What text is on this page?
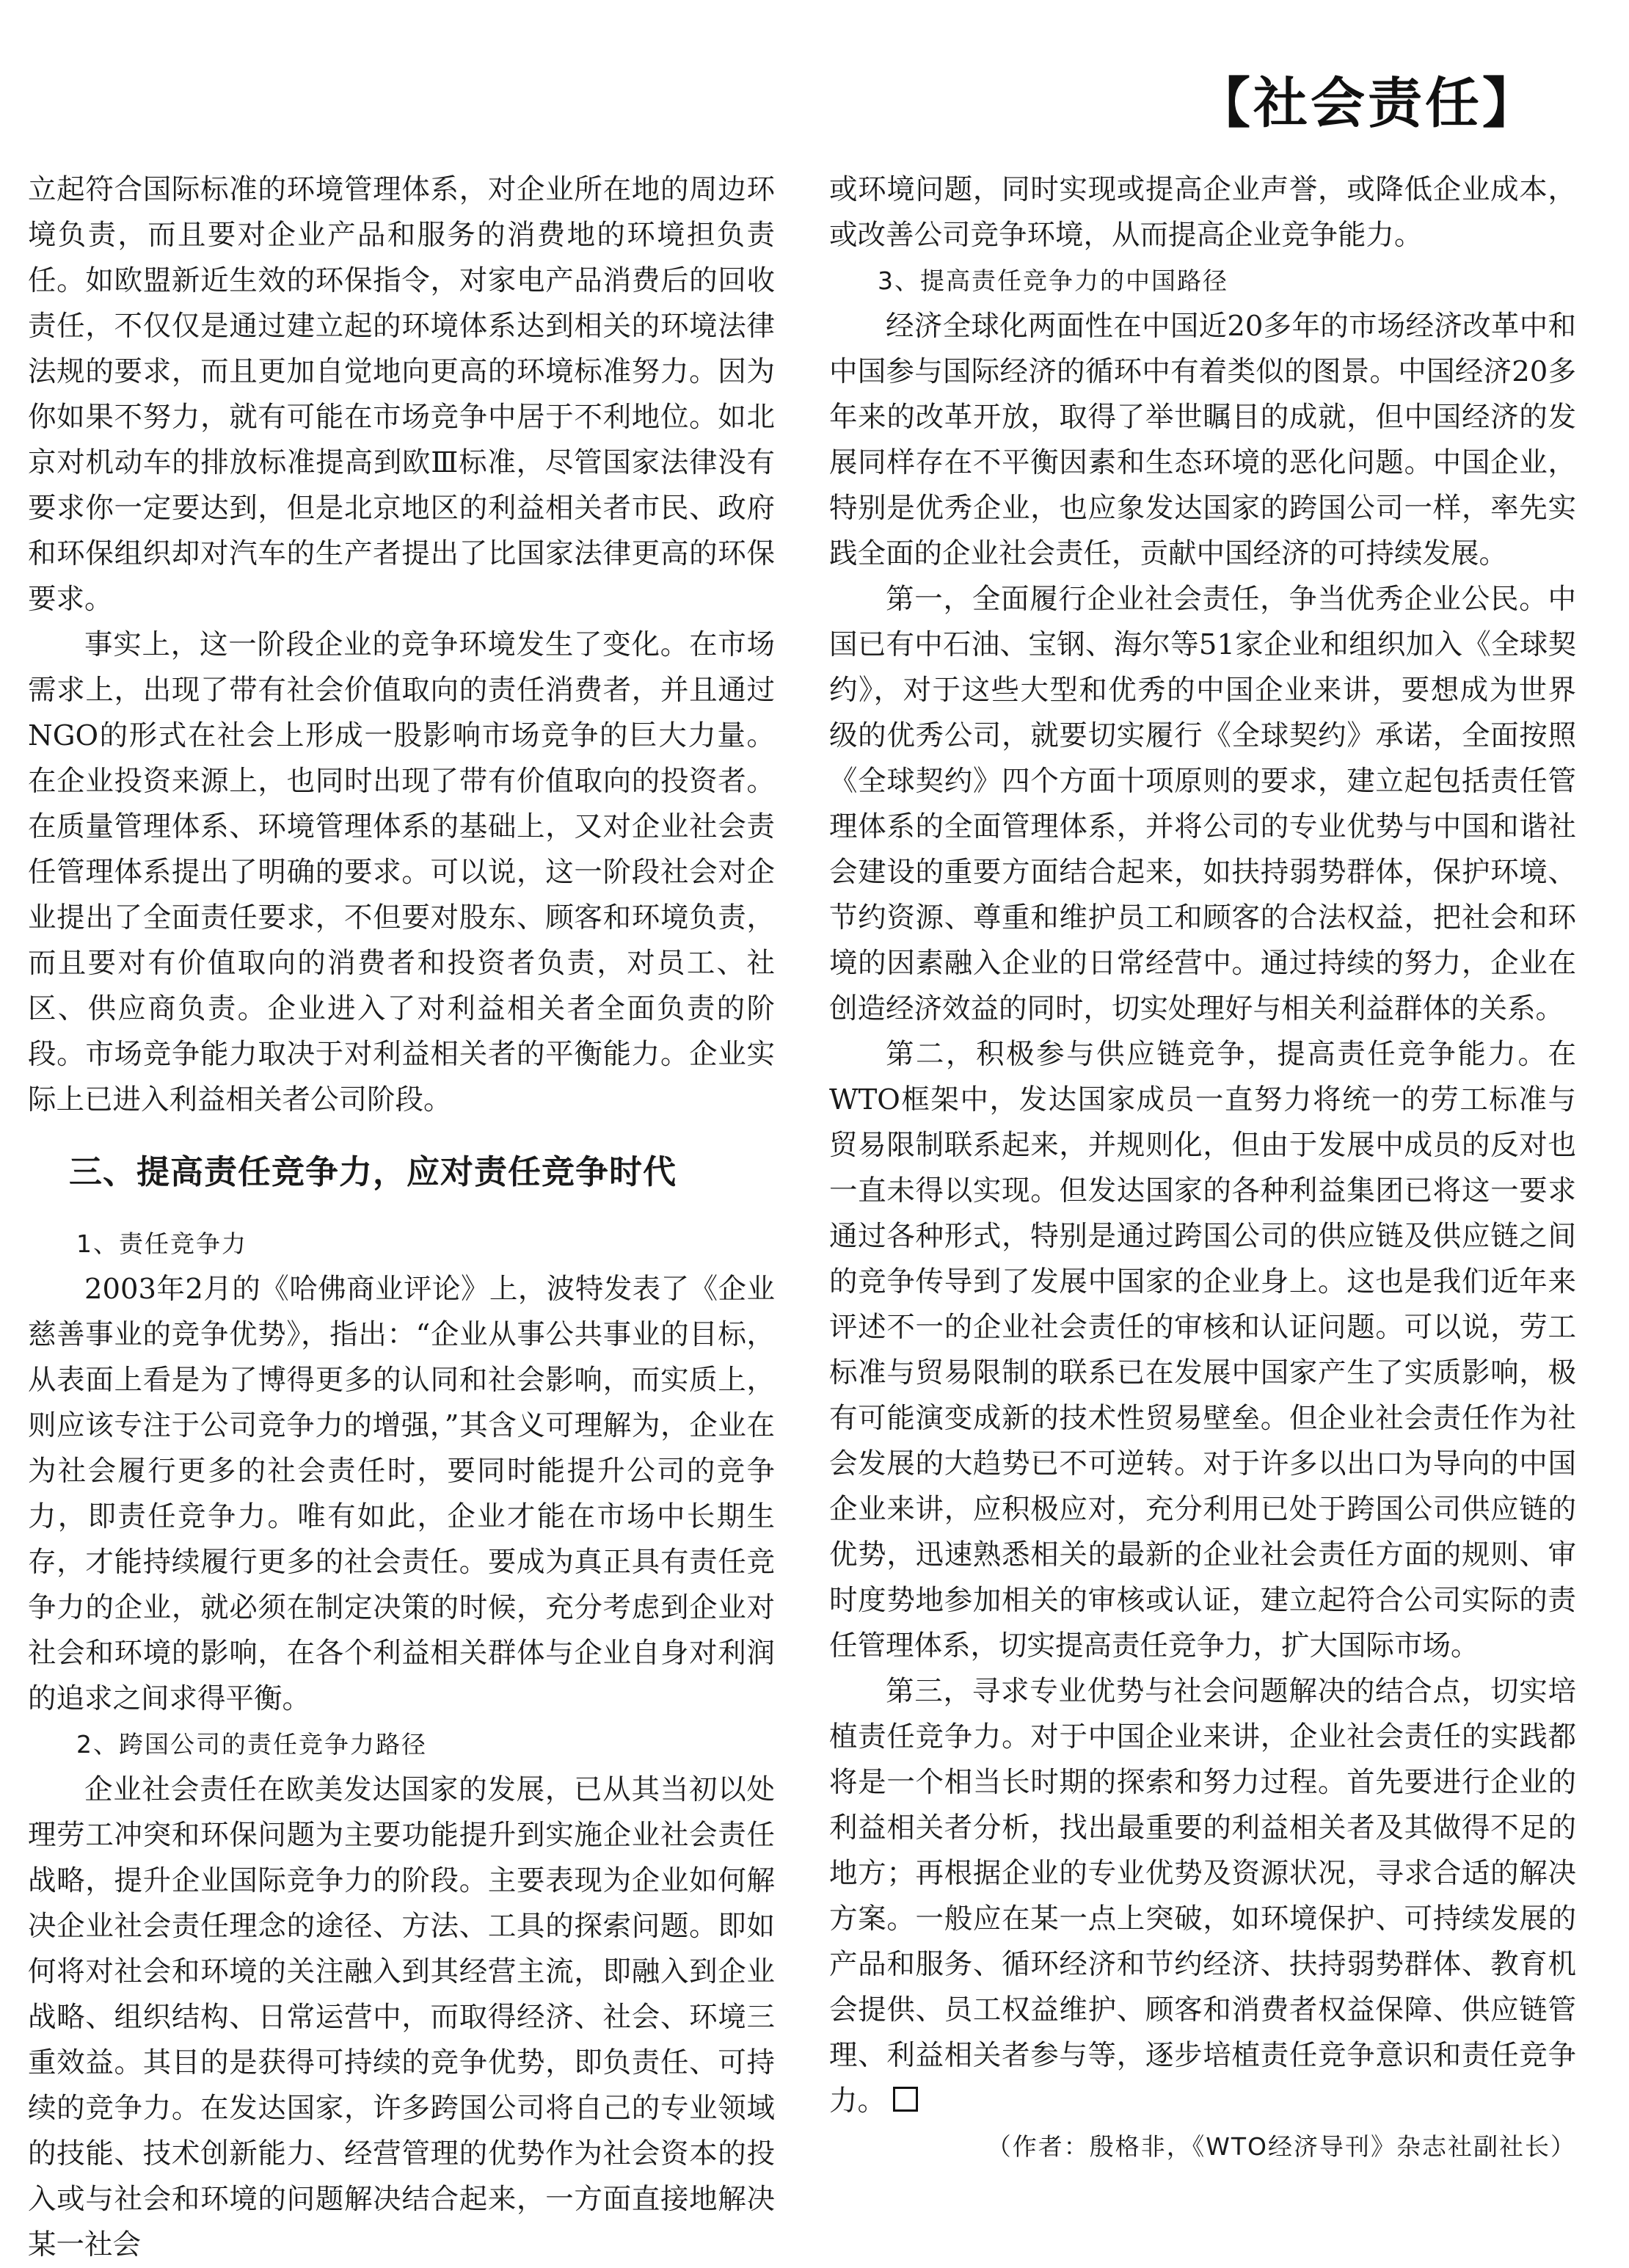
【社会责任】

立起符合国际标准的环境管理体系，对企业所在地的周边环境负责，而且要对企业产品和服务的消费地的环境担负责任。如欧盟新近生效的环保指令，对家电产品消费后的回收责任，不仅仅是通过建立起的环境体系达到相关的环境法律法规的要求，而且更加自觉地向更高的环境标准努力。因为你如果不努力，就有可能在市场竞争中居于不利地位。如北京对机动车的排放标准提高到欧Ⅲ标准，尽管国家法律没有要求你一定要达到，但是北京地区的利益相关者市民、政府和环保组织却对汽车的生产者提出了比国家法律更高的环保要求。

事实上，这一阶段企业的竞争环境发生了变化。在市场需求上，出现了带有社会价值取向的责任消费者，并且通过NGO的形式在社会上形成一股影响市场竞争的巨大力量。在企业投资来源上，也同时出现了带有价值取向的投资者。在质量管理体系、环境管理体系的基础上，又对企业社会责任管理体系提出了明确的要求。可以说，这一阶段社会对企业提出了全面责任要求，不但要对股东、顾客和环境负责，而且要对有价值取向的消费者和投资者负责，对员工、社区、供应商负责。企业进入了对利益相关者全面负责的阶段。市场竞争能力取决于对利益相关者的平衡能力。企业实际上已进入利益相关者公司阶段。

三、提高责任竞争力，应对责任竞争时代

1、责任竞争力

2003年2月的《哈佛商业评论》上，波特发表了《企业慈善事业的竞争优势》，指出：“企业从事公共事业的目标，从表面上看是为了博得更多的认同和社会影响，而实质上，则应该专注于公司竞争力的增强，”其含义可理解为，企业在为社会履行更多的社会责任时，要同时能提升公司的竞争力，即责任竞争力。唯有如此，企业才能在市场中长期生存，才能持续履行更多的社会责任。要成为真正具有责任竞争力的企业，就必须在制定决策的时候，充分考虑到企业对社会和环境的影响，在各个利益相关群体与企业自身对利润的追求之间求得平衡。

2、跨国公司的责任竞争力路径

企业社会责任在欧美发达国家的发展，已从其当初以处理劳工冲突和环保问题为主要功能提升到实施企业社会责任战略，提升企业国际竞争力的阶段。主要表现为企业如何解决企业社会责任理念的途径、方法、工具的探索问题。即如何将对社会和环境的关注融入到其经营主流，即融入到企业战略、组织结构、日常运营中，而取得经济、社会、环境三重效益。其目的是获得可持续的竞争优势，即负责任、可持续的竞争力。在发达国家，许多跨国公司将自己的专业领域的技能、技术创新能力、经营管理的优势作为社会资本的投入或与社会和环境的问题解决结合起来，一方面直接地解决某一社会

或环境问题，同时实现或提高企业声誉，或降低企业成本，或改善公司竞争环境，从而提高企业竞争能力。

3、提高责任竞争力的中国路径

经济全球化两面性在中国近20多年的市场经济改革中和中国参与国际经济的循环中有着类似的图景。中国经济20多年来的改革开放，取得了举世瞩目的成就，但中国经济的发展同样存在不平衡因素和生态环境的恶化问题。中国企业，特别是优秀企业，也应象发达国家的跨国公司一样，率先实践全面的企业社会责任，贡献中国经济的可持续发展。

第一，全面履行企业社会责任，争当优秀企业公民。中国已有中石油、宝钢、海尔等51家企业和组织加入《全球契约》，对于这些大型和优秀的中国企业来讲，要想成为世界级的优秀公司，就要切实履行《全球契约》承诺，全面按照《全球契约》四个方面十项原则的要求，建立起包括责任管理体系的全面管理体系，并将公司的专业优势与中国和谐社会建设的重要方面结合起来，如扶持弱势群体，保护环境、节约资源、尊重和维护员工和顾客的合法权益，把社会和环境的因素融入企业的日常经营中。通过持续的努力，企业在创造经济效益的同时，切实处理好与相关利益群体的关系。

第二，积极参与供应链竞争，提高责任竞争能力。在WTO框架中，发达国家成员一直努力将统一的劳工标准与贸易限制联系起来，并规则化，但由于发展中成员的反对也一直未得以实现。但发达国家的各种利益集团已将这一要求通过各种形式，特别是通过跨国公司的供应链及供应链之间的竞争传导到了发展中国家的企业身上。这也是我们近年来评述不一的企业社会责任的审核和认证问题。可以说，劳工标准与贸易限制的联系已在发展中国家产生了实质影响，极有可能演变成新的技术性贸易壁垒。但企业社会责任作为社会发展的大趋势已不可逆转。对于许多以出口为导向的中国企业来讲，应积极应对，充分利用已处于跨国公司供应链的优势，迅速熟悉相关的最新的企业社会责任方面的规则、审时度势地参加相关的审核或认证，建立起符合公司实际的责任管理体系，切实提高责任竞争力，扩大国际市场。

第三，寻求专业优势与社会问题解决的结合点，切实培植责任竞争力。对于中国企业来讲，企业社会责任的实践都将是一个相当长时期的探索和努力过程。首先要进行企业的利益相关者分析，找出最重要的利益相关者及其做得不足的地方；再根据企业的专业优势及资源状况，寻求合适的解决方案。一般应在某一点上突破，如环境保护、可持续发展的产品和服务、循环经济和节约经济、扶持弱势群体、教育机会提供、员工权益维护、顾客和消费者权益保障、供应链管理、利益相关者参与等，逐步培植责任竞争意识和责任竞争力。

（作者：殷格非，《WTO经济导刊》杂志社副社长）
